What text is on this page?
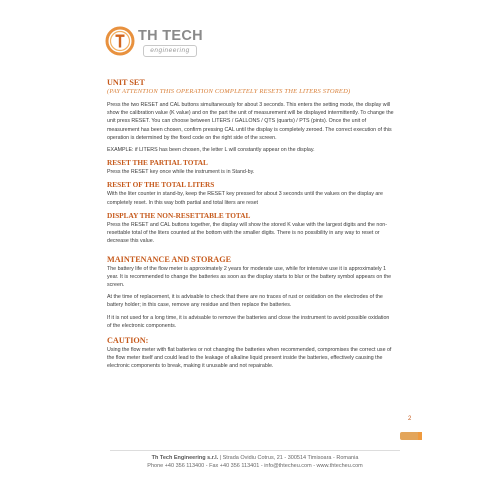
TH TECH
engineering
UNIT SET
(PAY ATTENTION THIS OPERATION COMPLETELY RESETS THE LITERS STORED)

Press the two RESET and CAL buttons simultaneously for about 3 seconds. This enters the setting mode, the display will show the calibration value (K value) and on the part the unit of measurement will be displayed intermittently. To change the unit press RESET. You can choose between LITERS / GALLONS / QTS (quarts) / PTS (pints). Once the unit of measurement has been chosen, confirm pressing CAL until the display is completely zeroed. The correct execution of this operation is determined by the fixed code on the right side of the screen.

EXAMPLE: if LITERS has been chosen, the letter L will constantly appear on the display.

RESET THE PARTIAL TOTAL

Press the RESET key once while the instrument is in Stand-by.

RESET OF THE TOTAL LITERS

With the liter counter in stand-by, keep the RESET key pressed for about 3 seconds until the values on the display are completely reset. In this way both partial and total liters are reset

DISPLAY THE NON-RESETTABLE TOTAL

Press the RESET and CAL buttons together, the display will show the stored K value with the largest digits and the non-resettable total of the liters counted at the bottom with the smaller digits. There is no possibility in any way to reset or decrease this value.

MAINTENANCE AND STORAGE

The battery life of the flow meter is approximately 2 years for moderate use, while for intensive use it is approximately 1 year. It is recommended to change the batteries as soon as the display starts to blur or the battery symbol appears on the screen.

At the time of replacement, it is advisable to check that there are no traces of rust or oxidation on the electrodes of the battery holder; in this case, remove any residue and then replace the batteries.

If it is not used for a long time, it is advisable to remove the batteries and close the instrument to avoid possible oxidation of the electronic components.

CAUTION:

Using the flow meter with flat batteries or not changing the batteries when recommended, compromises the correct use of the flow meter itself and could lead to the leakage of alkaline liquid present inside the batteries, effectively causing the electronic components to break, making it unusable and not repairable.

2
Th Tech Engineering s.r.l. | Strada Ovidiu Cotrus, 21 - 300514 Timisoara - Romania
Phone +40 356 113400 - Fax +40 356 113401 - info@thtecheu.com - www.thtecheu.com
